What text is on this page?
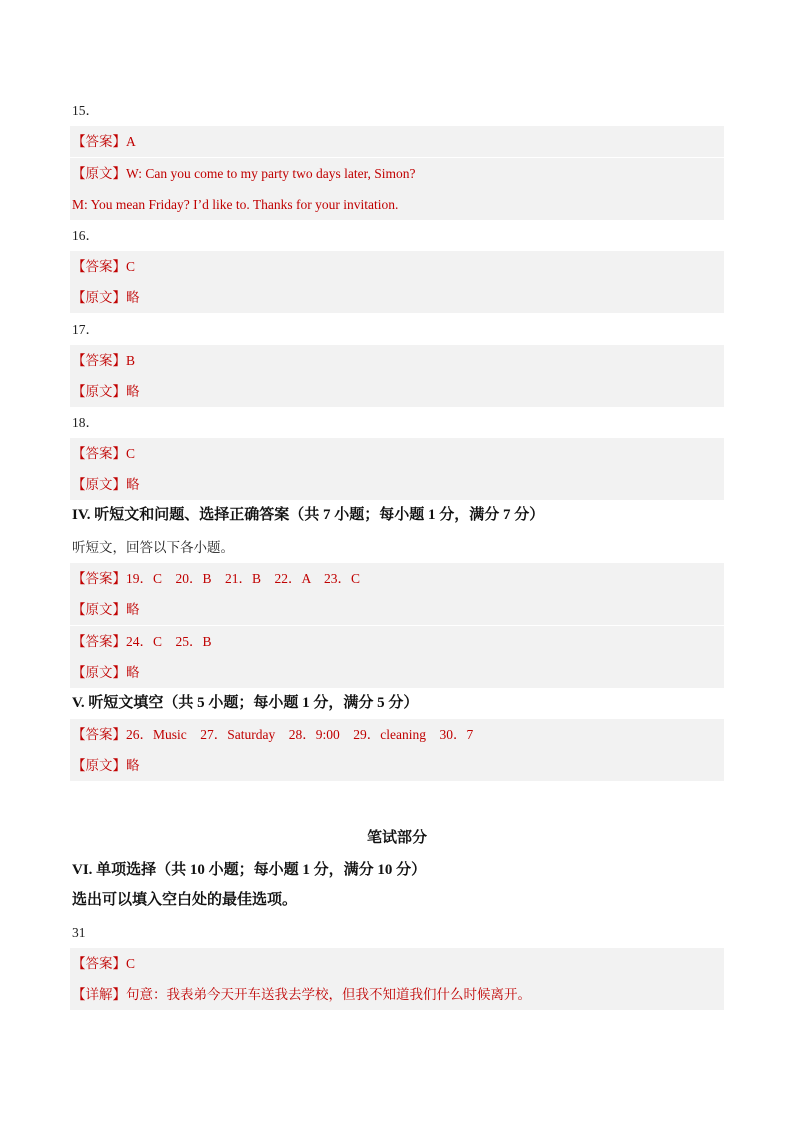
15．
【答案】A
【原文】W: Can you come to my party two days later, Simon?
M: You mean Friday? I’d like to. Thanks for your invitation.
16．
【答案】C
【原文】略
17．
【答案】B
【原文】略
18．
【答案】C
【原文】略
IV. 听短文和问题、选择正确答案（共 7 小题；每小题 1 分，满分 7 分）
听短文，回答以下各小题。
【答案】19．C　20．B　21．B　22．A　23．C
【原文】略
【答案】24．C　25．B
【原文】略
V. 听短文填空（共 5 小题；每小题 1 分，满分 5 分）
【答案】26．Music　27．Saturday　28．9:00　29．cleaning　30．7
【原文】略
笔试部分
VI. 单项选择（共 10 小题；每小题 1 分，满分 10 分）
选出可以填入空白处的最佳选项。
31
【答案】C
【详解】句意：我表弟今天开车送我去学校，但我不知道我们什么时候离开。
